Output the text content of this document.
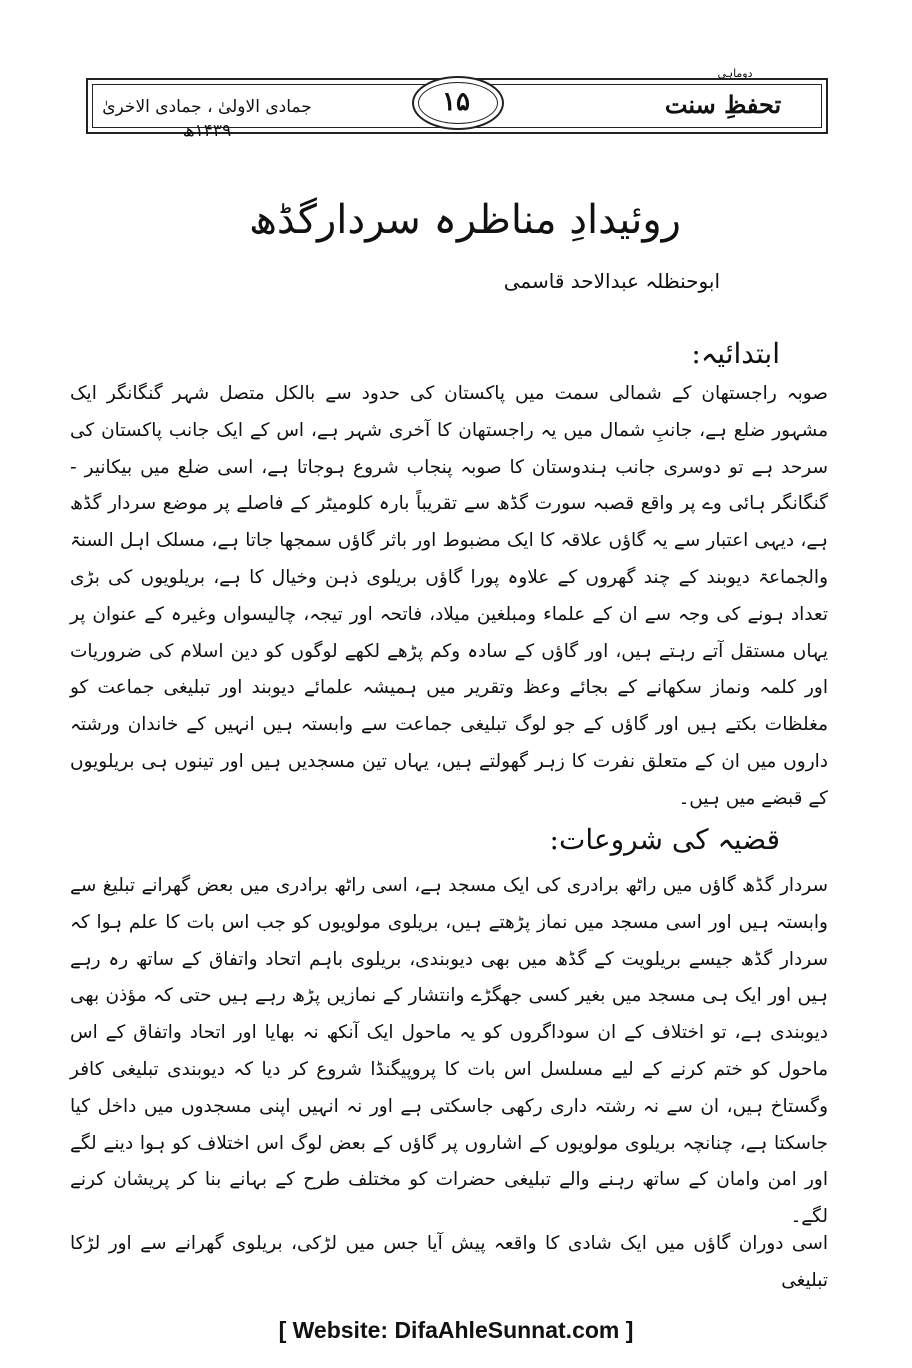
جمادی الاولیٰ ، جمادی الاخریٰ ۱۴۳۹ھ
دوماہی
تحفظِ سنت
۱۵
روئیدادِ مناظرہ سردارگڈھ
ابوحنظلہ عبدالاحد قاسمی
ابتدائیہ:
صوبہ راجستھان کے شمالی سمت میں پاکستان کی حدود سے بالکل متصل شہر گنگانگر ایک مشہور ضلع ہے، جانبِ شمال میں یہ راجستھان کا آخری شہر ہے، اس کے ایک جانب پاکستان کی سرحد ہے تو دوسری جانب ہندوستان کا صوبہ پنجاب شروع ہوجاتا ہے، اسی ضلع میں بیکانیر - گنگانگر ہائی وے پر واقع قصبہ سورت گڈھ سے تقریباً بارہ کلومیٹر کے فاصلے پر موضع سردار گڈھ ہے، دیہی اعتبار سے یہ گاؤں علاقہ کا ایک مضبوط اور باثر گاؤں سمجھا جاتا ہے، مسلک اہل السنۃ والجماعۃ دیوبند کے چند گھروں کے علاوہ پورا گاؤں بریلوی ذہن وخیال کا ہے، بریلویوں کی بڑی تعداد ہونے کی وجہ سے ان کے علماء ومبلغین میلاد، فاتحہ اور تیجہ، چالیسواں وغیرہ کے عنوان پر یہاں مستقل آتے رہتے ہیں، اور گاؤں کے سادہ وکم پڑھے لکھے لوگوں کو دین اسلام کی ضروریات اور کلمہ ونماز سکھانے کے بجائے وعظ وتقریر میں ہمیشہ علمائے دیوبند اور تبلیغی جماعت کو مغلظات بکتے ہیں اور گاؤں کے جو لوگ تبلیغی جماعت سے وابستہ ہیں انہیں کے خاندان ورشتہ داروں میں ان کے متعلق نفرت کا زہر گھولتے ہیں، یہاں تین مسجدیں ہیں اور تینوں ہی بریلویوں کے قبضے میں ہیں۔
قضیہ کی شروعات:
سردار گڈھ گاؤں میں راٹھ برادری کی ایک مسجد ہے، اسی راٹھ برادری میں بعض گھرانے تبلیغ سے وابستہ ہیں اور اسی مسجد میں نماز پڑھتے ہیں، بریلوی مولویوں کو جب اس بات کا علم ہوا کہ سردار گڈھ جیسے بریلویت کے گڈھ میں بھی دیوبندی، بریلوی باہم اتحاد واتفاق کے ساتھ رہ رہے ہیں اور ایک ہی مسجد میں بغیر کسی جھگڑے وانتشار کے نمازیں پڑھ رہے ہیں حتی کہ مؤذن بھی دیوبندی ہے، تو اختلاف کے ان سوداگروں کو یہ ماحول ایک آنکھ نہ بھایا اور اتحاد واتفاق کے اس ماحول کو ختم کرنے کے لیے مسلسل اس بات کا پروپیگنڈا شروع کر دیا کہ دیوبندی تبلیغی کافر وگستاخ ہیں، ان سے نہ رشتہ داری رکھی جاسکتی ہے اور نہ انہیں اپنی مسجدوں میں داخل کیا جاسکتا ہے، چنانچہ بریلوی مولویوں کے اشاروں پر گاؤں کے بعض لوگ اس اختلاف کو ہوا دینے لگے اور امن وامان کے ساتھ رہنے والے تبلیغی حضرات کو مختلف طرح کے بہانے بنا کر پریشان کرنے لگے۔
اسی دوران گاؤں میں ایک شادی کا واقعہ پیش آیا جس میں لڑکی، بریلوی گھرانے سے اور لڑکا تبلیغی
[ Website: DifaAhleSunnat.com ]
